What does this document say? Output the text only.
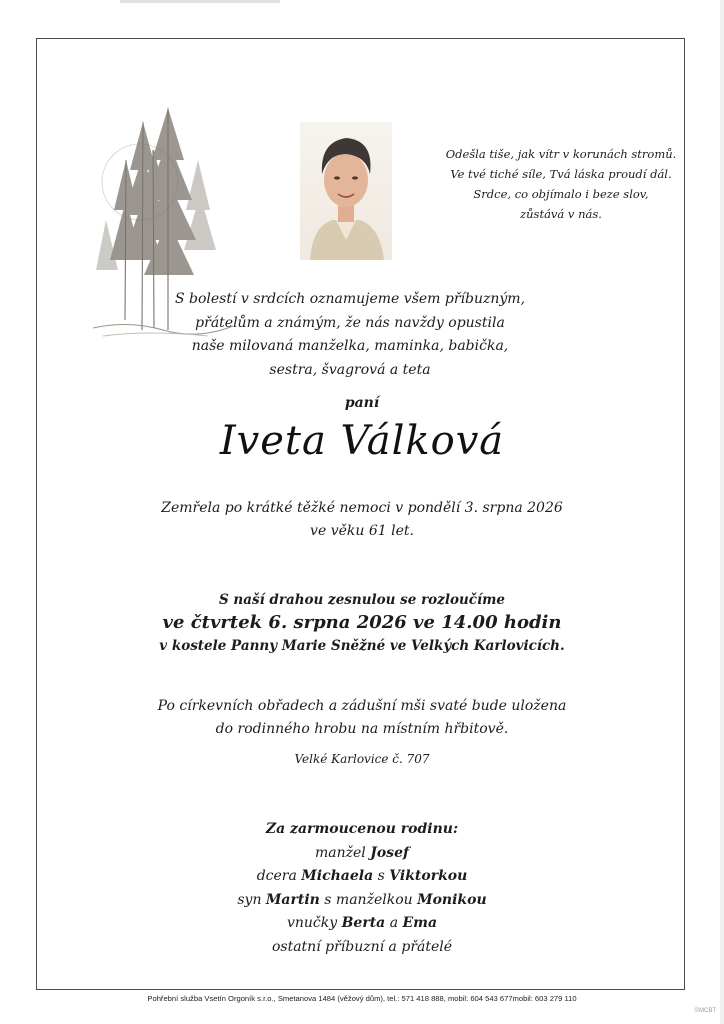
Odešla tiše, jak vítr v korunách stromů.
Ve tvé tiché síle, Tvá láska proudí dál.
Srdce, co objímalo i beze slov,
zůstává v nás.
S bolestí v srdcích oznamujeme všem příbuzným,
přátelům a známým, že nás navždy opustila
naše milovaná manželka, maminka, babička,
sestra, švagrová a teta
paní
Iveta Válková
Zemřela po krátké těžké nemoci v pondělí 3. srpna 2026
ve věku 61 let.
S naší drahou zesnulou se rozloučíme
ve čtvrtek 6. srpna 2026 ve 14.00 hodin
v kostele Panny Marie Sněžné ve Velkých Karlovicích.
Po církevních obřadech a zádušní mši svaté bude uložena
do rodinného hrobu na místním hřbitově.
Velké Karlovice č. 707
Za zarmoucenou rodinu:
manžel Josef
dcera Michaela s Viktorkou
syn Martin s manželkou Monikou
vnučky Berta a Ema
ostatní příbuzní a přátelé
Pohřební služba Vsetín Orgoník s.r.o., Smetanova 1484 (věžový dům), tel.: 571 418 888, mobil: 604 543 677mobil: 603 279 110
©MCBT
